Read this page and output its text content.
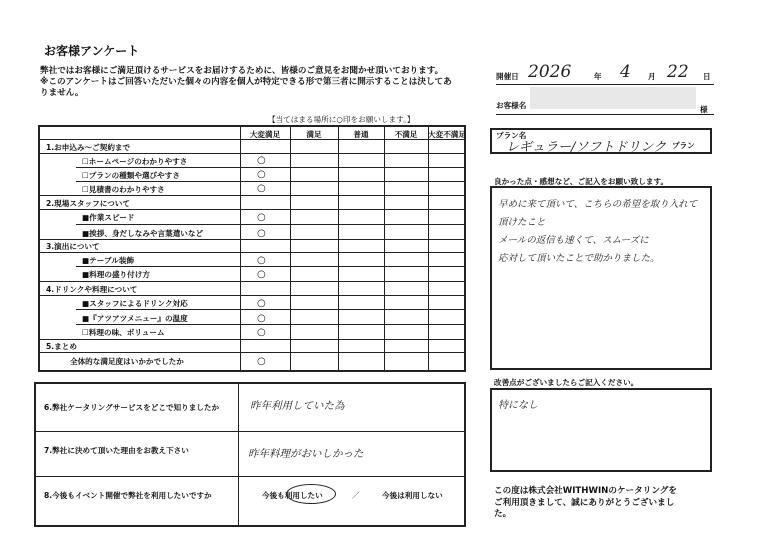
お客様アンケート
弊社ではお客様にご満足頂けるサービスをお届けするために、皆様のご意見をお聞かせ頂いております。
※このアンケートはご回答いただいた個々の内容を個人が特定できる形で第三者に開示することは決してあ
りません。
開催日 2026	年 4 月 22 日
お客様名	様
【当てはまる場所に○印をお願いします。】
大変満足	満足	普通	不満足	大変不満足
1.お申込み～ご契約まで
☐ホームページのわかりやすさ	○
☐プランの種類や選びやすさ	○
☐見積書のわかりやすさ	○
2.現場スタッフについて
■作業スピード	○
■挨拶、身だしなみや言葉遣いなど	○
3.演出について
■テーブル装飾	○
■料理の盛り付け方	○
4.ドリンクや料理について
■スタッフによるドリンク対応	○
■『アツアツメニュー』の温度	○
☐料理の味、ボリューム	○
5.まとめ
全体的な満足度はいかかでしたか	○
プラン名
レギュラー/ソフトドリンク プラン
良かった点・感想など、ご記入をお願い致します。
早めに来て頂いて、こちらの希望を取り入れて
頂けたこと
メールの返信も速くて、スムーズに
応対して頂いたことで助かりました。
改善点がございましたらご記入ください。
特になし
6.弊社ケータリングサービスをどこで知りましたか	昨年利用していた為
7.弊社に決めて頂いた理由をお教え下さい	昨年料理がおいしかった
8.今後もイベント開催で弊社を利用したいですか	今後も利用したい	／	今後は利用しない	この度は株式会社WITHWINのケータリングを
ご利用頂きまして、誠にありがとうございまし
た。
